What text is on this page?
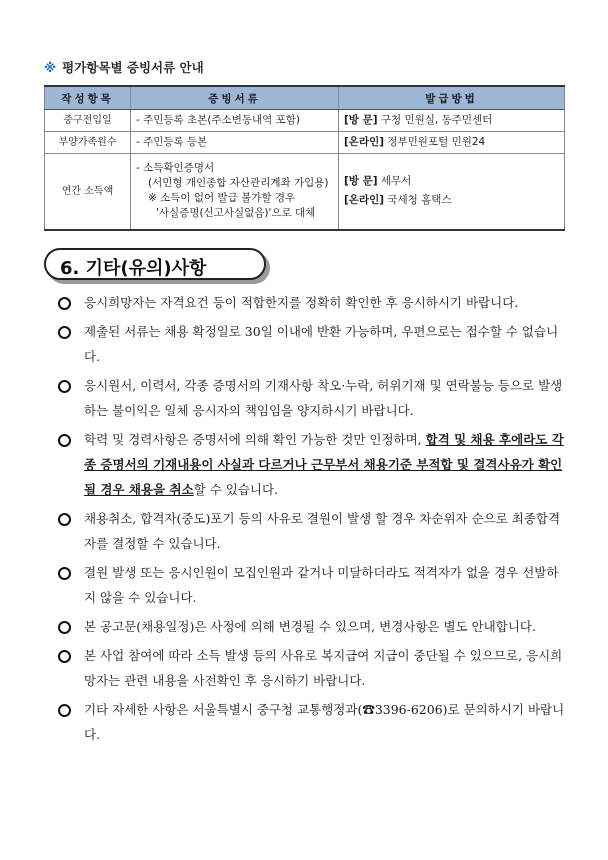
※ 평가항목별 증빙서류 안내
작성항목	증빙서류	발급방법
중구전입일	- 주민등록 초본(주소변동내역 포함)	[방 문] 구청 민원실, 동주민센터

부양가족원수	- 주민등록 등본	[온라인] 정부민원포털 민원24

연간 소득액	- 소득확인증명서
(서민형 개인종합 자산관리계좌 가입용)
※ 소득이 없어 발급 불가할 경우
'사실증명(신고사실없음)'으로 대체	[방 문] 세무서
[온라인] 국세청 홈택스
6. 기타(유의)사항
응시희망자는 자격요건 등이 적합한지를 정확히 확인한 후 응시하시기 바랍니다.
제출된 서류는 채용 확정일로 30일 이내에 반환 가능하며, 우편으로는 접수할 수 없습니다.
응시원서, 이력서, 각종 증명서의 기재사항 착오·누락, 허위기재 및 연락불능 등으로 발생하는 불이익은 일체 응시자의 책임임을 양지하시기 바랍니다.
학력 및 경력사항은 증명서에 의해 확인 가능한 것만 인정하며, 합격 및 채용 후에라도 각종 증명서의 기재내용이 사실과 다르거나 근무부서 채용기준 부적합 및 결격사유가 확인될 경우 채용을 취소할 수 있습니다.
채용취소, 합격자(중도)포기 등의 사유로 결원이 발생 할 경우 차순위자 순으로 최종합격자를 결정할 수 있습니다.
결원 발생 또는 응시인원이 모집인원과 같거나 미달하더라도 적격자가 없을 경우 선발하지 않을 수 있습니다.
본 공고문(채용일정)은 사정에 의해 변경될 수 있으며, 변경사항은 별도 안내합니다.
본 사업 참여에 따라 소득 발생 등의 사유로 복지급여 지급이 중단될 수 있으므로, 응시희망자는 관련 내용을 사전확인 후 응시하기 바랍니다.
기타 자세한 사항은 서울특별시 중구청 교통행정과(☎3396-6206)로 문의하시기 바랍니다.
